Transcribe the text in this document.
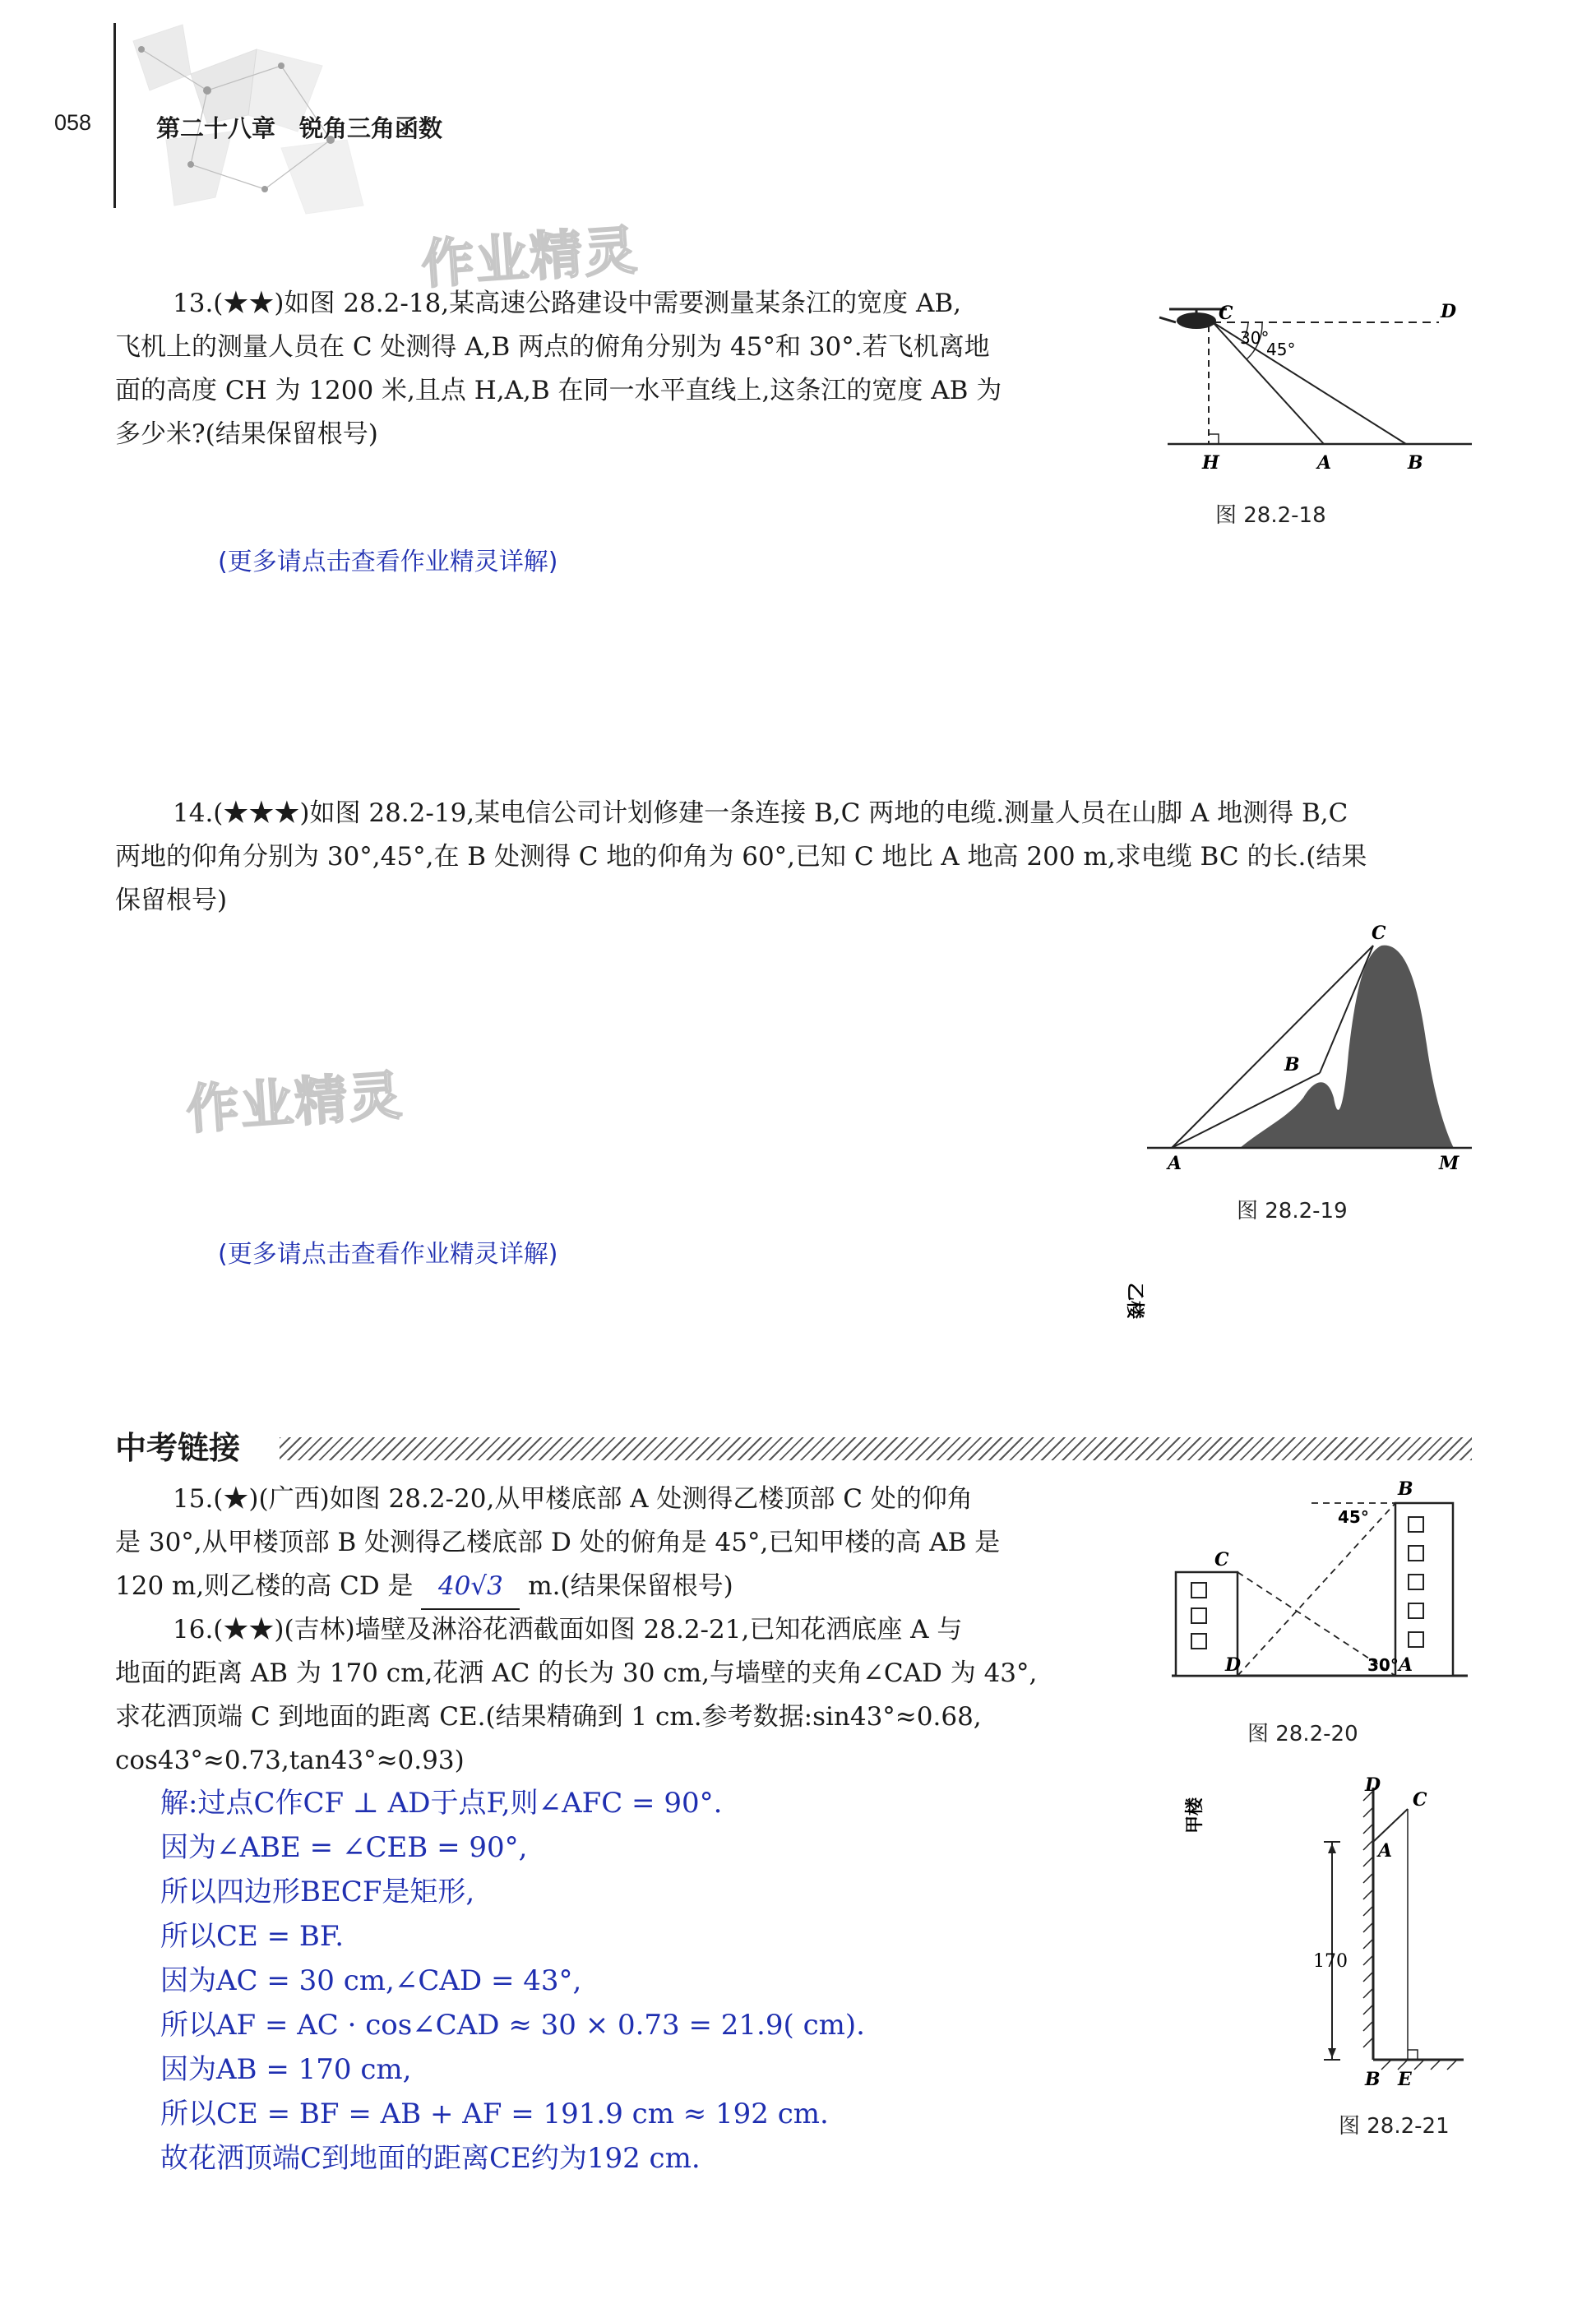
058	第二十八章　锐角三角函数
作业精灵
作业精灵
13.(★★)如图 28.2-18,某高速公路建设中需要测量某条江的宽度 AB,
飞机上的测量人员在 C 处测得 A,B 两点的俯角分别为 45°和 30°.若飞机离地
面的高度 CH 为 1200 米,且点 H,A,B 在同一水平直线上,这条江的宽度 AB 为
多少米?(结果保留根号)
(更多请点击查看作业精灵详解)
C	D
30°
45°
H	A	B
图 28.2-18
14.(★★★)如图 28.2-19,某电信公司计划修建一条连接 B,C 两地的电缆.测量人员在山脚 A 地测得 B,C
两地的仰角分别为 30°,45°,在 B 处测得 C 地的仰角为 60°,已知 C 地比 A 地高 200 m,求电缆 BC 的长.(结果
保留根号)
C
B
A	M
图 28.2-19
(更多请点击查看作业精灵详解)
中考链接
15.(★)(广西)如图 28.2-20,从甲楼底部 A 处测得乙楼顶部 C 处的仰角
是 30°,从甲楼顶部 B 处测得乙楼底部 D 处的俯角是 45°,已知甲楼的高 AB 是
120 m,则乙楼的高 CD 是 40√3 m.(结果保留根号)
16.(★★)(吉林)墙壁及淋浴花洒截面如图 28.2-21,已知花洒底座 A 与
地面的距离 AB 为 170 cm,花洒 AC 的长为 30 cm,与墙壁的夹角∠CAD 为 43°,
求花洒顶端 C 到地面的距离 CE.(结果精确到 1 cm.参考数据:sin43°≈0.68,
cos43°≈0.73,tan43°≈0.93)
B
45°
C
D	30° A
甲楼
乙楼
图 28.2-20
解:过点C作CF ⊥ AD于点F,则∠AFC = 90°.
因为∠ABE = ∠CEB = 90°,
所以四边形BECF是矩形,
所以CE = BF.
因为AC = 30 cm,∠CAD = 43°,
所以AF = AC · cos∠CAD ≈ 30 × 0.73 = 21.9( cm).
因为AB = 170 cm,
所以CE = BF = AB + AF = 191.9 cm ≈ 192 cm.
故花洒顶端C到地面的距离CE约为192 cm.
D
C
A
170
B E
图 28.2-21
